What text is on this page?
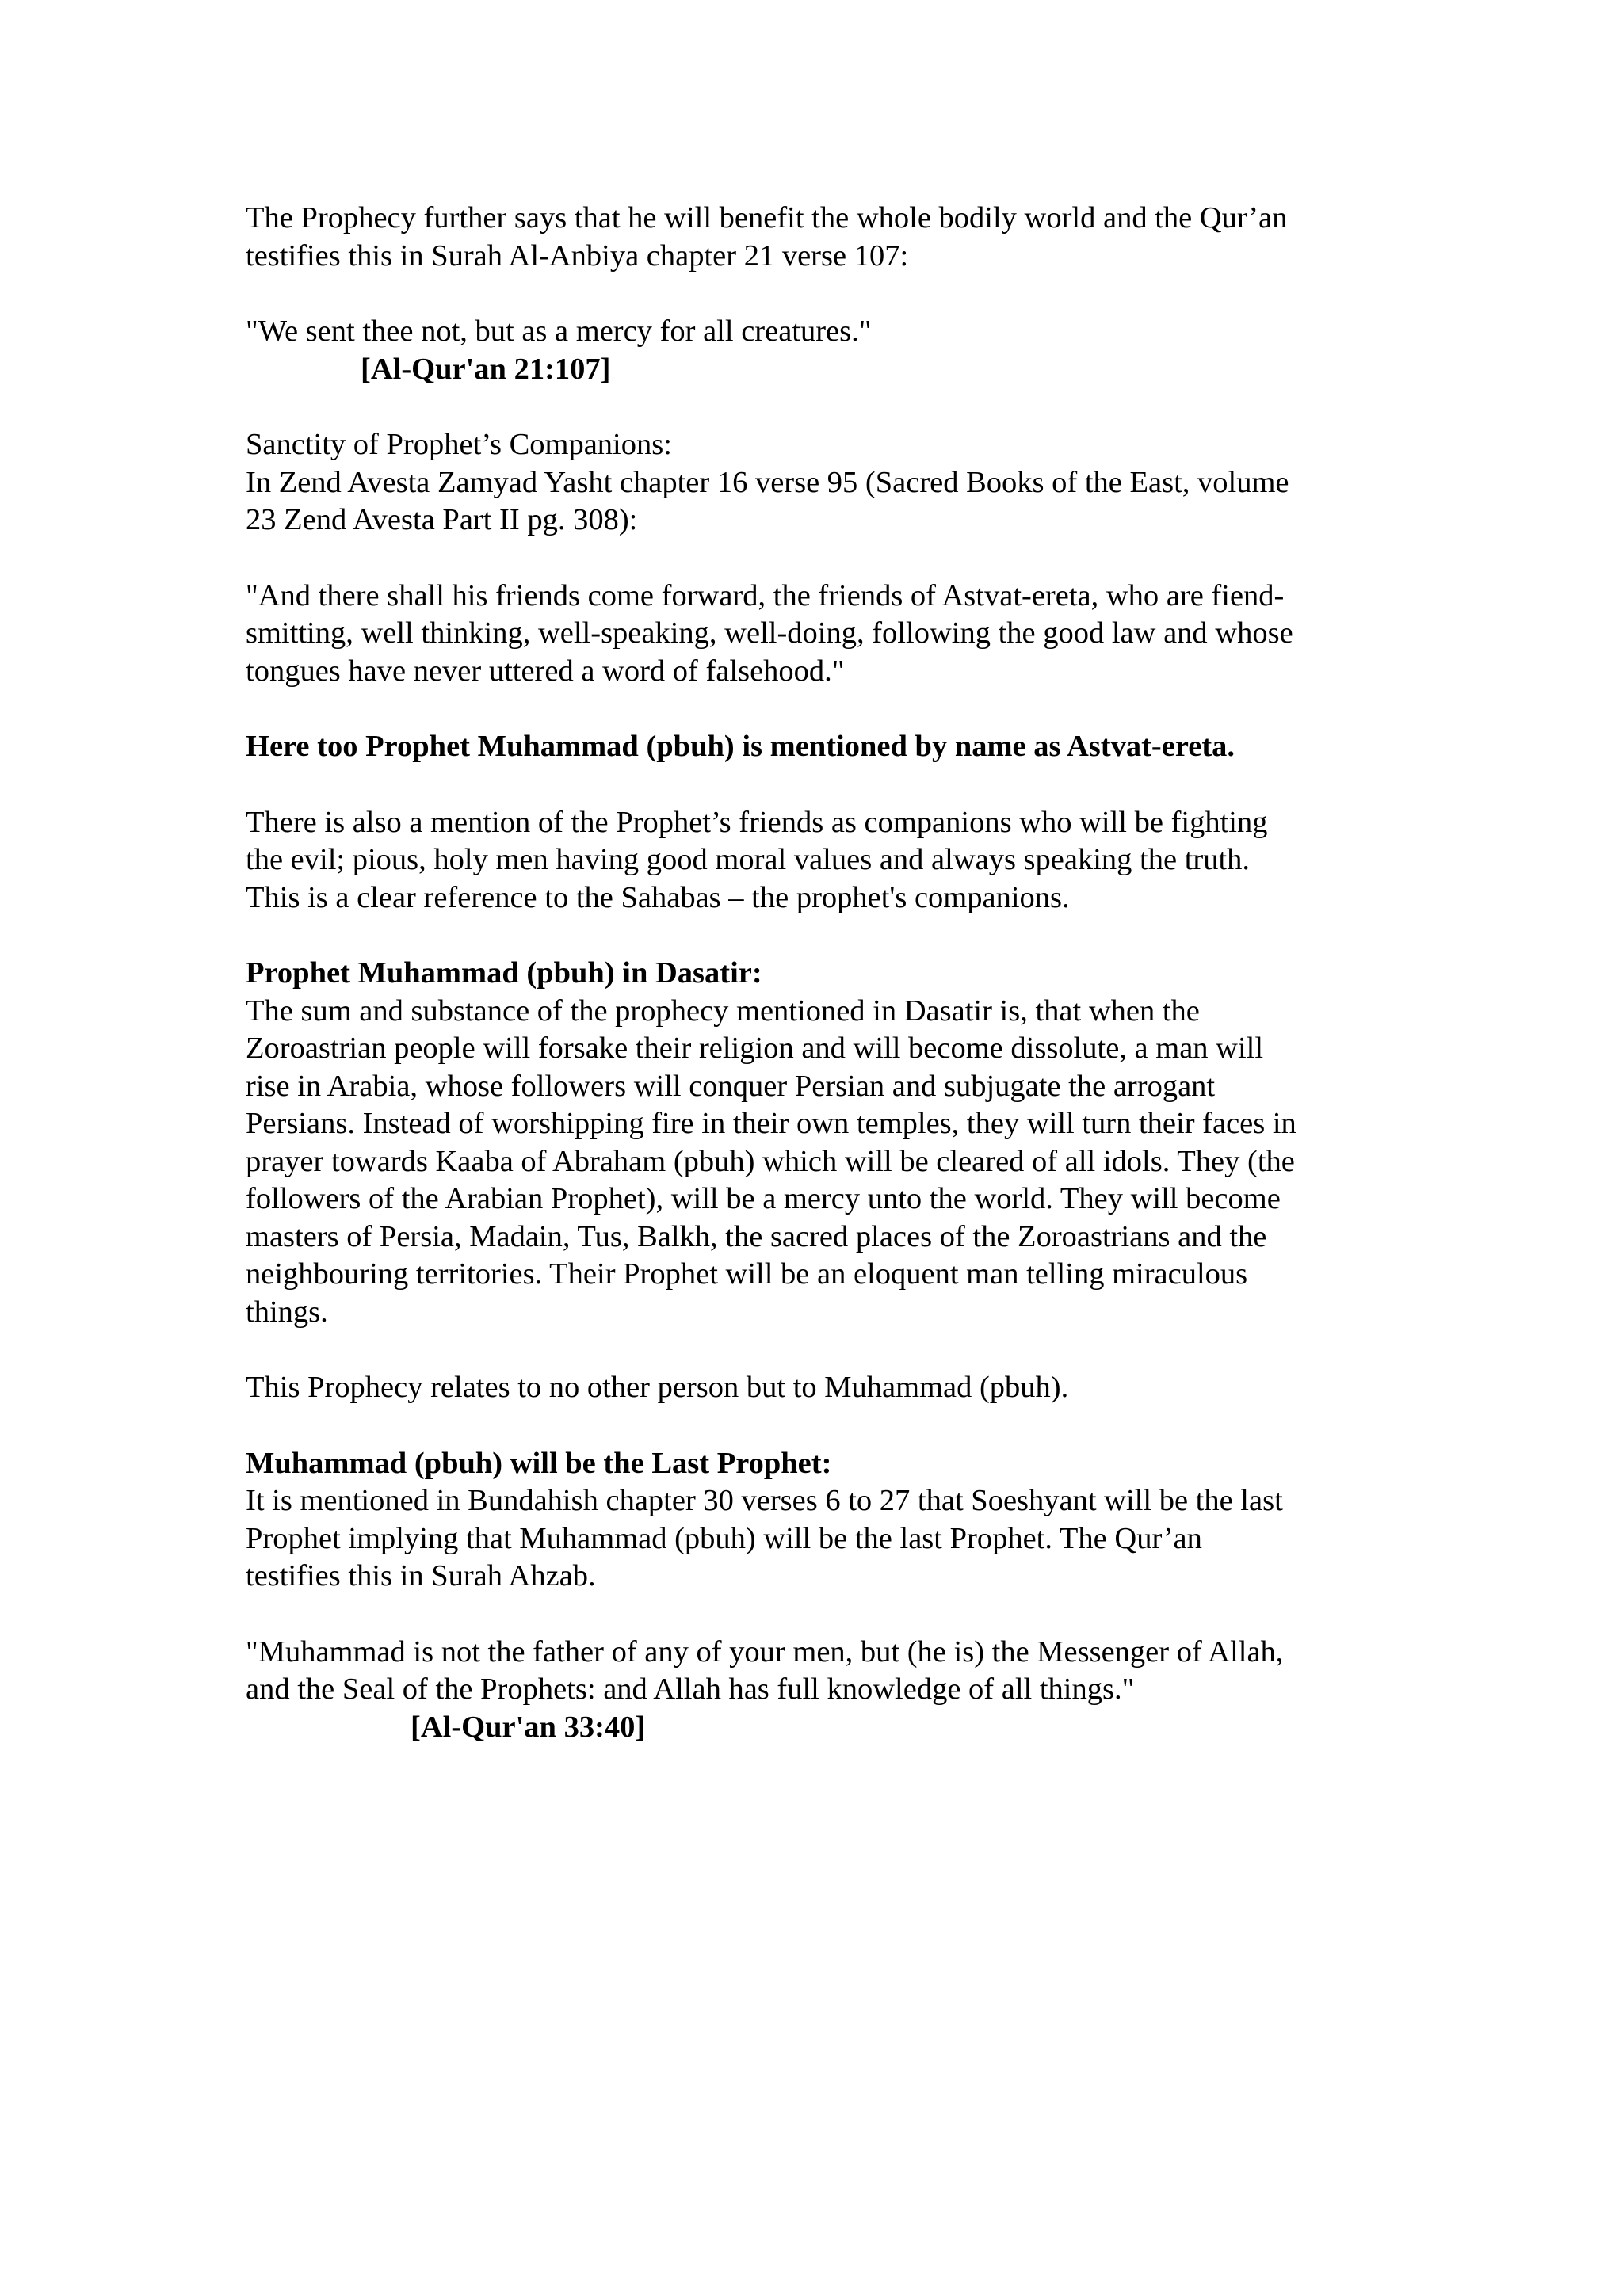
The Prophecy further says that he will benefit the whole bodily world and the Qur’an
testifies this in Surah Al-Anbiya chapter 21 verse 107:

"We sent thee not, but as a mercy for all creatures."
[Al-Qur'an 21:107]

Sanctity of Prophet’s Companions:
In Zend Avesta Zamyad Yasht chapter 16 verse 95 (Sacred Books of the East, volume
23 Zend Avesta Part II pg. 308):

"And there shall his friends come forward, the friends of Astvat-ereta, who are fiend-
smitting, well thinking, well-speaking, well-doing, following the good law and whose
tongues have never uttered a word of falsehood."

Here too Prophet Muhammad (pbuh) is mentioned by name as Astvat-ereta.

There is also a mention of the Prophet’s friends as companions who will be fighting
the evil; pious, holy men having good moral values and always speaking the truth.
This is a clear reference to the Sahabas – the prophet's companions.

Prophet Muhammad (pbuh) in Dasatir:
The sum and substance of the prophecy mentioned in Dasatir is, that when the
Zoroastrian people will forsake their religion and will become dissolute, a man will
rise in Arabia, whose followers will conquer Persian and subjugate the arrogant
Persians. Instead of worshipping fire in their own temples, they will turn their faces in
prayer towards Kaaba of Abraham (pbuh) which will be cleared of all idols. They (the
followers of the Arabian Prophet), will be a mercy unto the world. They will become
masters of Persia, Madain, Tus, Balkh, the sacred places of the Zoroastrians and the
neighbouring territories. Their Prophet will be an eloquent man telling miraculous
things.

This Prophecy relates to no other person but to Muhammad (pbuh).

Muhammad (pbuh) will be the Last Prophet:
It is mentioned in Bundahish chapter 30 verses 6 to 27 that Soeshyant will be the last
Prophet implying that Muhammad (pbuh) will be the last Prophet. The Qur’an
testifies this in Surah Ahzab.

"Muhammad is not the father of any of your men, but (he is) the Messenger of Allah,
and the Seal of the Prophets: and Allah has full knowledge of all things."
[Al-Qur'an 33:40]
